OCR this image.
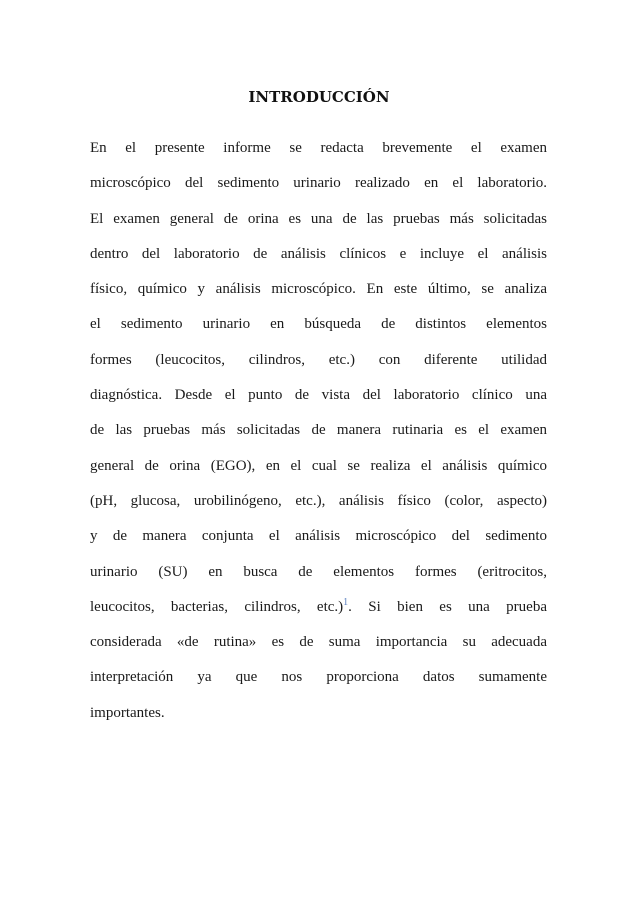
INTRODUCCIÓN
En el presente informe se redacta brevemente el examen
microscópico del sedimento urinario realizado en el laboratorio.
El examen general de orina es una de las pruebas más solicitadas
dentro del laboratorio de análisis clínicos e incluye el análisis
físico, químico y análisis microscópico. En este último, se analiza
el sedimento urinario en búsqueda de distintos elementos
formes (leucocitos, cilindros, etc.) con diferente utilidad
diagnóstica. Desde el punto de vista del laboratorio clínico una
de las pruebas más solicitadas de manera rutinaria es el examen
general de orina (EGO), en el cual se realiza el análisis químico
(pH, glucosa, urobilinógeno, etc.), análisis físico (color, aspecto)
y de manera conjunta el análisis microscópico del sedimento
urinario (SU) en busca de elementos formes (eritrocitos,
leucocitos, bacterias, cilindros, etc.)$^1$. Si bien es una prueba
considerada «de rutina» es de suma importancia su adecuada
interpretación ya que nos proporciona datos sumamente
importantes.
